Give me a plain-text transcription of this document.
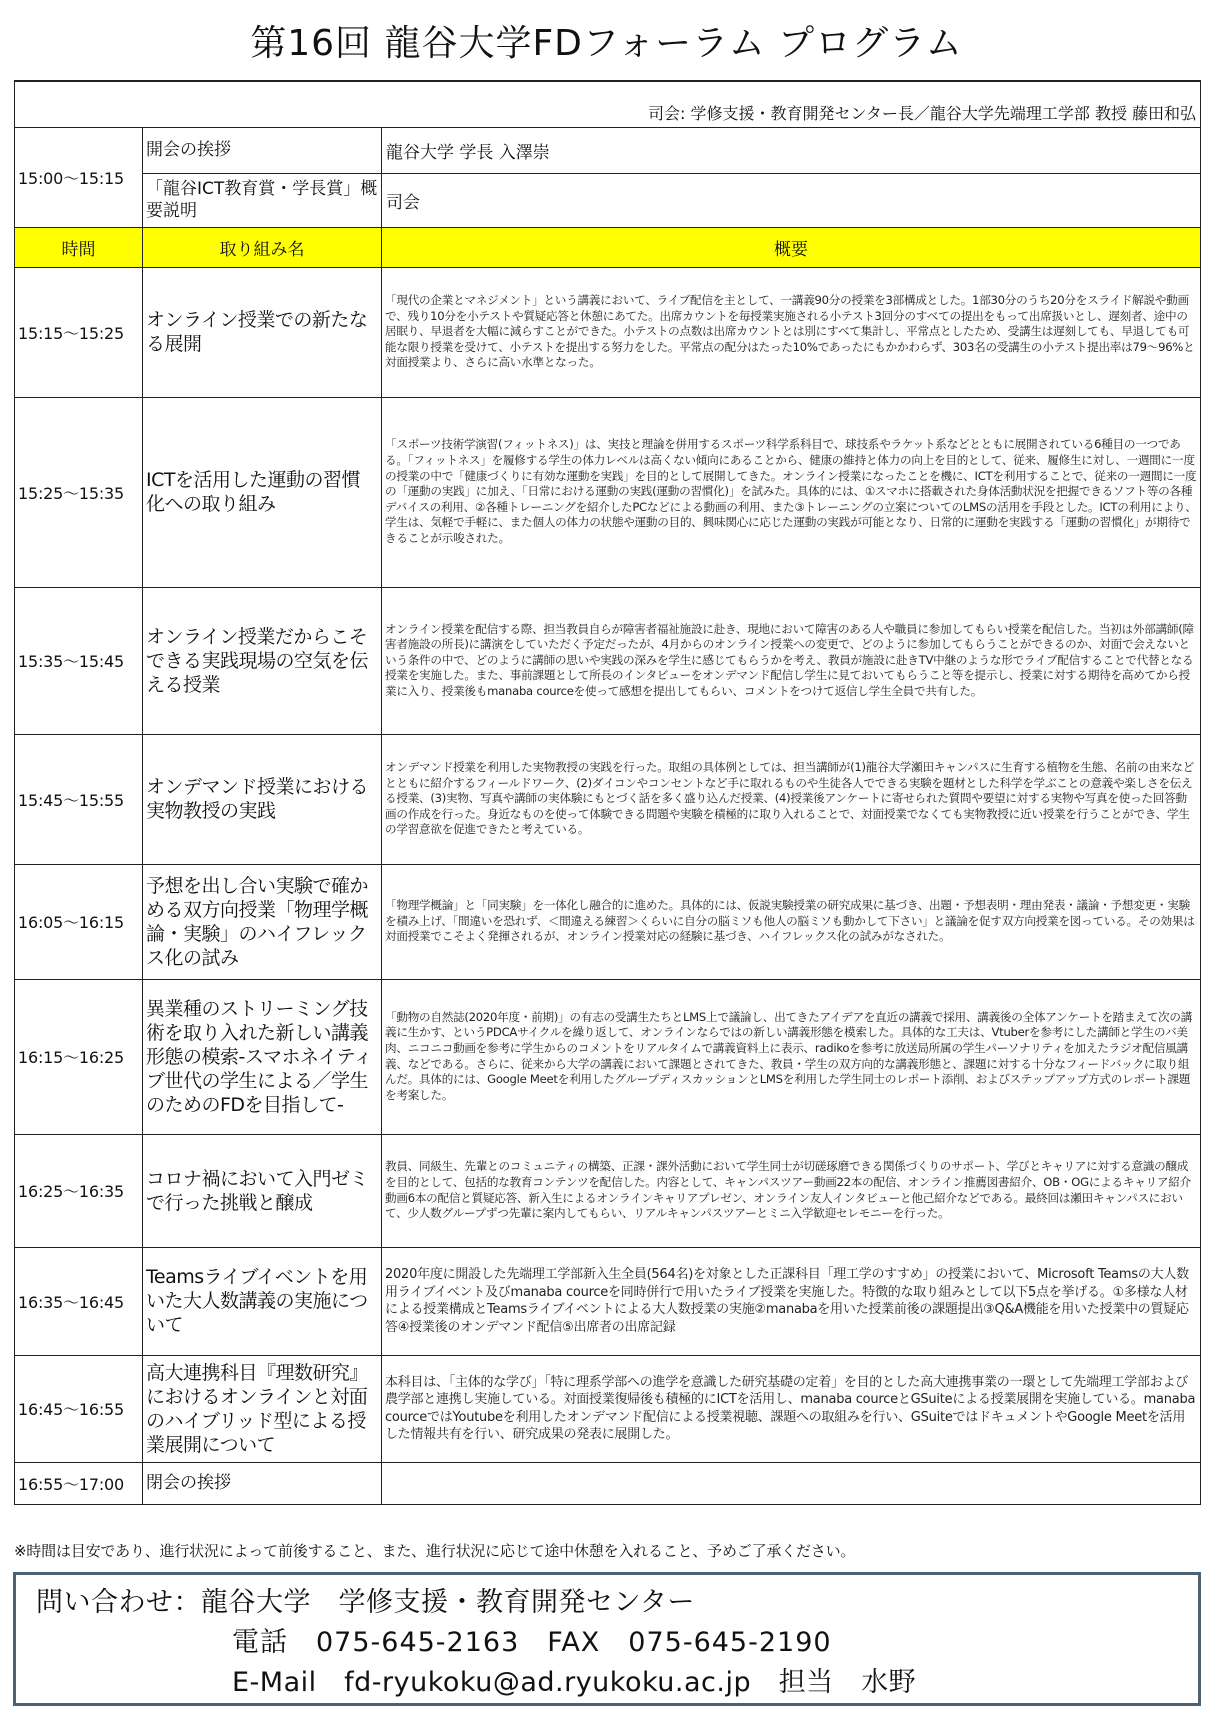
第16回 龍谷大学FDフォーラム プログラム

司会: 学修支援・教育開発センター長／龍谷大学先端理工学部 教授 藤田和弘		
15:00～15:15	開会の挨拶	龍谷大学 学長 入澤崇
	「龍谷ICT教育賞・学長賞」概要説明	司会
時間	取り組み名	概要
15:15～15:25	オンライン授業での新たなる展開	「現代の企業とマネジメント」という講義において、ライブ配信を主として、一講義90分の授業を3部構成とした。1部30分のうち20分をスライド解説や動画で、残り10分を小テストや質疑応答と休憩にあてた。出席カウントを毎授業実施される小テスト3回分のすべての提出をもって出席扱いとし、遅刻者、途中の居眠り、早退者を大幅に減らすことができた。小テストの点数は出席カウントとは別にすべて集計し、平常点としたため、受講生は遅刻しても、早退しても可能な限り授業を受けて、小テストを提出する努力をした。平常点の配分はたった10%であったにもかかわらず、303名の受講生の小テスト提出率は79～96%と対面授業より、さらに高い水準となった。
15:25～15:35	ICTを活用した運動の習慣化への取り組み	「スポーツ技術学演習(フィットネス)」は、実技と理論を併用するスポーツ科学系科目で、球技系やラケット系などとともに展開されている6種目の一つである。「フィットネス」を履修する学生の体力レベルは高くない傾向にあることから、健康の維持と体力の向上を目的として、従来、履修生に対し、一週間に一度の授業の中で「健康づくりに有効な運動を実践」を目的として展開してきた。オンライン授業になったことを機に、ICTを利用することで、従来の一週間に一度の「運動の実践」に加え、「日常における運動の実践(運動の習慣化)」を試みた。具体的には、①スマホに搭載された身体活動状況を把握できるソフト等の各種デバイスの利用、②各種トレーニングを紹介したPCなどによる動画の利用、また③トレーニングの立案についてのLMSの活用を手段とした。ICTの利用により、学生は、気軽で手軽に、また個人の体力の状態や運動の目的、興味関心に応じた運動の実践が可能となり、日常的に運動を実践する「運動の習慣化」が期待できることが示唆された。
15:35～15:45	オンライン授業だからこそできる実践現場の空気を伝える授業	オンライン授業を配信する際、担当教員自らが障害者福祉施設に赴き、現地において障害のある人や職員に参加してもらい授業を配信した。当初は外部講師(障害者施設の所長)に講演をしていただく予定だったが、4月からのオンライン授業への変更で、どのように参加してもらうことができるのか、対面で会えないという条件の中で、どのように講師の思いや実践の深みを学生に感じてもらうかを考え、教員が施設に赴きTV中継のような形でライブ配信することで代替となる授業を実施した。また、事前課題として所長のインタビューをオンデマンド配信し学生に見ておいてもらうこと等を提示し、授業に対する期待を高めてから授業に入り、授業後もmanaba courceを使って感想を提出してもらい、コメントをつけて返信し学生全員で共有した。
15:45～15:55	オンデマンド授業における実物教授の実践	オンデマンド授業を利用した実物教授の実践を行った。取組の具体例としては、担当講師が(1)龍谷大学瀬田キャンパスに生育する植物を生態、名前の由来などとともに紹介するフィールドワーク、(2)ダイコンやコンセントなど手に取れるものや生徒各人でできる実験を題材とした科学を学ぶことの意義や楽しさを伝える授業、(3)実物、写真や講師の実体験にもとづく話を多く盛り込んだ授業、(4)授業後アンケートに寄せられた質問や要望に対する実物や写真を使った回答動画の作成を行った。身近なものを使って体験できる問題や実験を積極的に取り入れることで、対面授業でなくても実物教授に近い授業を行うことができ、学生の学習意欲を促進できたと考えている。
16:05～16:15	予想を出し合い実験で確かめる双方向授業「物理学概論・実験」のハイフレックス化の試み	「物理学概論」と「同実験」を一体化し融合的に進めた。具体的には、仮説実験授業の研究成果に基づき、出題・予想表明・理由発表・議論・予想変更・実験を積み上げ、「間違いを恐れず、＜間違える練習＞くらいに自分の脳ミソも他人の脳ミソも動かして下さい」と議論を促す双方向授業を図っている。その効果は対面授業でこそよく発揮されるが、オンライン授業対応の経験に基づき、ハイフレックス化の試みがなされた。
16:15～16:25	異業種のストリーミング技術を取り入れた新しい講義形態の模索-スマホネイティブ世代の学生による／学生のためのFDを目指して-	「動物の自然誌(2020年度・前期)」の有志の受講生たちとLMS上で議論し、出てきたアイデアを直近の講義で採用、講義後の全体アンケートを踏まえて次の講義に生かす、というPDCAサイクルを繰り返して、オンラインならではの新しい講義形態を模索した。具体的な工夫は、Vtuberを参考にした講師と学生のバ美肉、ニコニコ動画を参考に学生からのコメントをリアルタイムで講義資料上に表示、radikoを参考に放送局所属の学生パーソナリティを加えたラジオ配信風講義、などである。さらに、従来から大学の講義において課題とされてきた、教員・学生の双方向的な講義形態と、課題に対する十分なフィードバックに取り組んだ。具体的には、Google Meetを利用したグループディスカッションとLMSを利用した学生同士のレポート添削、およびステップアップ方式のレポート課題を考案した。
16:25～16:35	コロナ禍において入門ゼミで行った挑戦と醸成	教員、同級生、先輩とのコミュニティの構築、正課・課外活動において学生同士が切磋琢磨できる関係づくりのサポート、学びとキャリアに対する意識の醸成を目的として、包括的な教育コンテンツを配信した。内容として、キャンパスツアー動画22本の配信、オンライン推薦図書紹介、OB・OGによるキャリア紹介動画6本の配信と質疑応答、新入生によるオンラインキャリアプレゼン、オンライン友人インタビューと他己紹介などである。最終回は瀬田キャンパスにおいて、少人数グループずつ先輩に案内してもらい、リアルキャンパスツアーとミニ入学歓迎セレモニーを行った。
16:35～16:45	Teamsライブイベントを用いた大人数講義の実施について	2020年度に開設した先端理工学部新入生全員(564名)を対象とした正課科目「理工学のすすめ」の授業において、Microsoft Teamsの大人数用ライブイベント及びmanaba courceを同時併行で用いたライブ授業を実施した。特徴的な取り組みとして以下5点を挙げる。①多様な人材による授業構成とTeamsライブイベントによる大人数授業の実施②manabaを用いた授業前後の課題提出③Q&A機能を用いた授業中の質疑応答④授業後のオンデマンド配信⑤出席者の出席記録
16:45～16:55	高大連携科目『理数研究』におけるオンラインと対面のハイブリッド型による授業展開について	本科目は、「主体的な学び」「特に理系学部への進学を意識した研究基礎の定着」を目的とした高大連携事業の一環として先端理工学部および農学部と連携し実施している。対面授業復帰後も積極的にICTを活用し、manaba courceとGSuiteによる授業展開を実施している。manaba courceではYoutubeを利用したオンデマンド配信による授業視聴、課題への取組みを行い、GSuiteではドキュメントやGoogle Meetを活用した情報共有を行い、研究成果の発表に展開した。
16:55～17:00	閉会の挨拶	
※時間は目安であり、進行状況によって前後すること、また、進行状況に応じて途中休憩を入れること、予めご了承ください。
問い合わせ：龍谷大学　学修支援・教育開発センター
電話　075-645-2163　FAX　075-645-2190
E-Mail　fd-ryukoku@ad.ryukoku.ac.jp　担当　水野
